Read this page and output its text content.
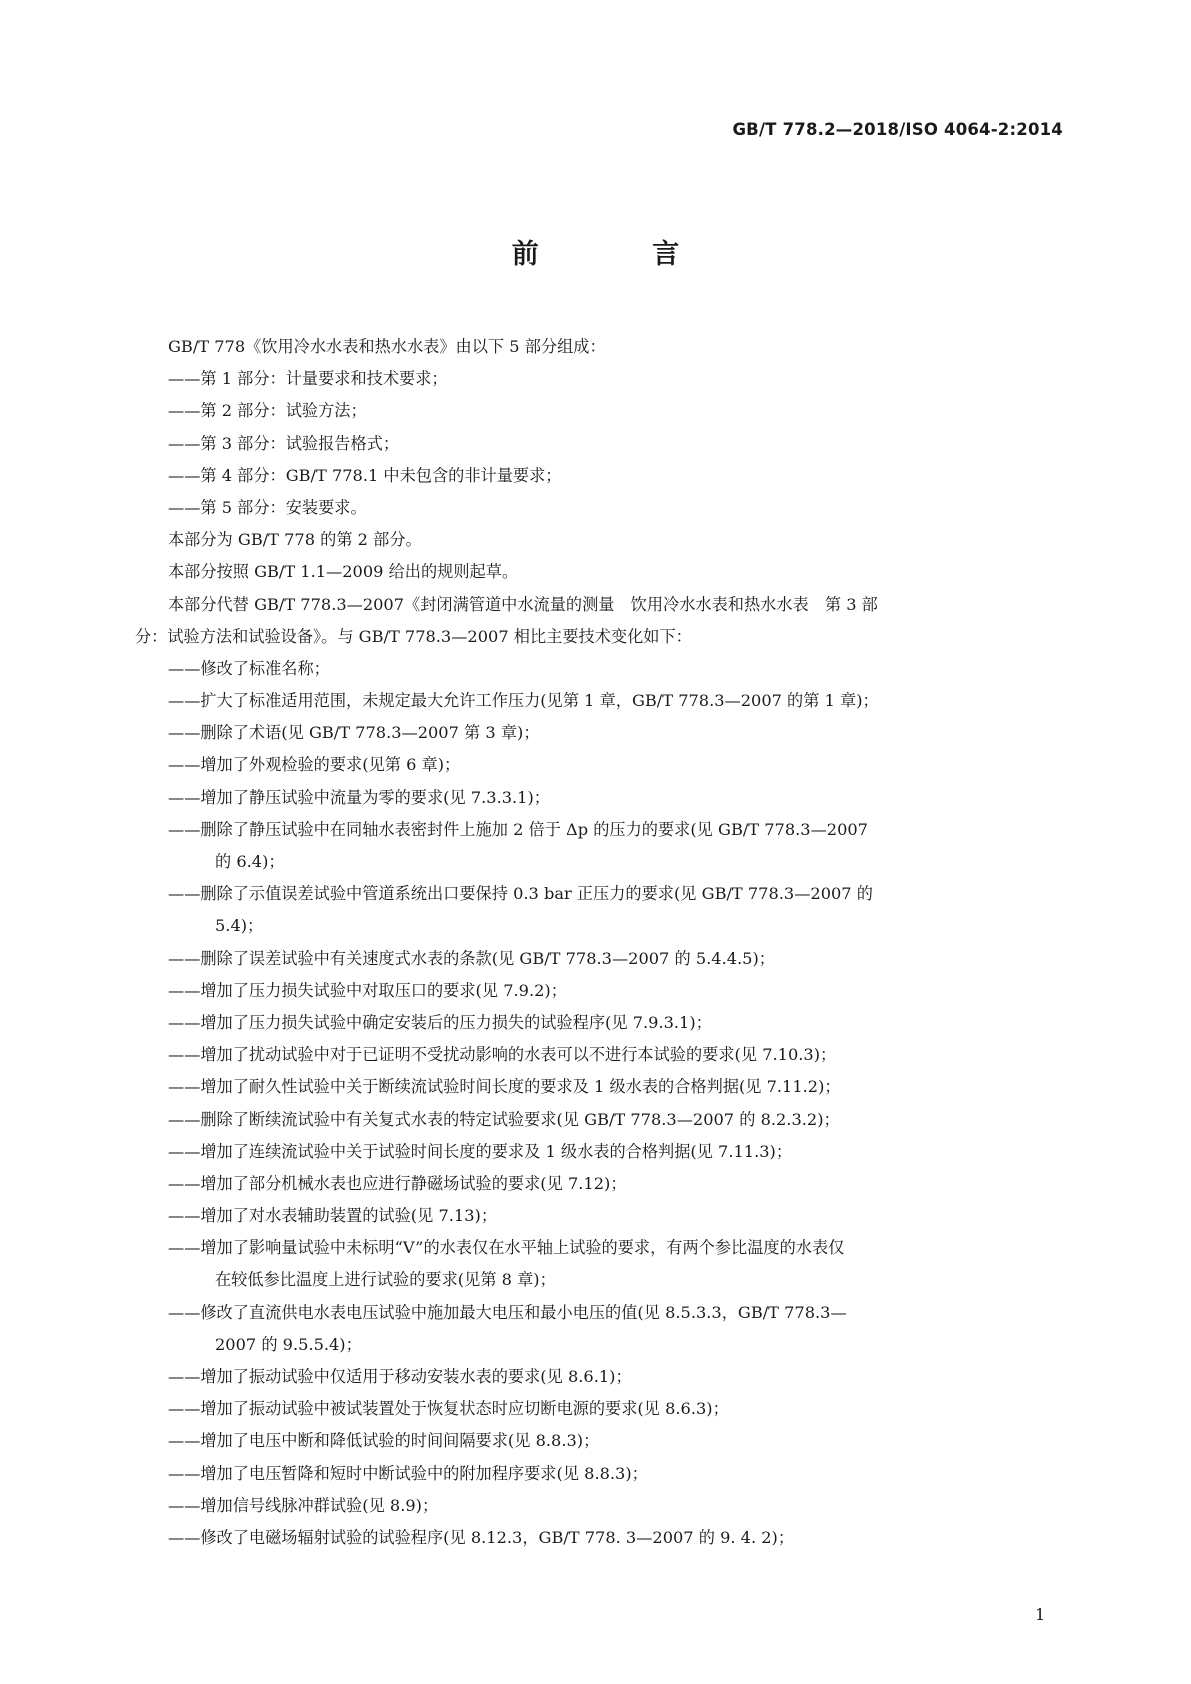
GB/T 778.2—2018/ISO 4064-2:2014
前 言
GB/T 778《饮用冷水水表和热水水表》由以下 5 部分组成：
——第 1 部分：计量要求和技术要求；
——第 2 部分：试验方法；
——第 3 部分：试验报告格式；
——第 4 部分：GB/T 778.1 中未包含的非计量要求；
——第 5 部分：安装要求。
本部分为 GB/T 778 的第 2 部分。
本部分按照 GB/T 1.1—2009 给出的规则起草。
本部分代替 GB/T 778.3—2007《封闭满管道中水流量的测量　饮用冷水水表和热水水表　第 3 部
分：试验方法和试验设备》。与 GB/T 778.3—2007 相比主要技术变化如下：
——修改了标准名称；
——扩大了标准适用范围，未规定最大允许工作压力(见第 1 章，GB/T 778.3—2007 的第 1 章)；
——删除了术语(见 GB/T 778.3—2007 第 3 章)；
——增加了外观检验的要求(见第 6 章)；
——增加了静压试验中流量为零的要求(见 7.3.3.1)；
——删除了静压试验中在同轴水表密封件上施加 2 倍于 Δp 的压力的要求(见 GB/T 778.3—2007
的 6.4)；
——删除了示值误差试验中管道系统出口要保持 0.3 bar 正压力的要求(见 GB/T 778.3—2007 的
5.4)；
——删除了误差试验中有关速度式水表的条款(见 GB/T 778.3—2007 的 5.4.4.5)；
——增加了压力损失试验中对取压口的要求(见 7.9.2)；
——增加了压力损失试验中确定安装后的压力损失的试验程序(见 7.9.3.1)；
——增加了扰动试验中对于已证明不受扰动影响的水表可以不进行本试验的要求(见 7.10.3)；
——增加了耐久性试验中关于断续流试验时间长度的要求及 1 级水表的合格判据(见 7.11.2)；
——删除了断续流试验中有关复式水表的特定试验要求(见 GB/T 778.3—2007 的 8.2.3.2)；
——增加了连续流试验中关于试验时间长度的要求及 1 级水表的合格判据(见 7.11.3)；
——增加了部分机械水表也应进行静磁场试验的要求(见 7.12)；
——增加了对水表辅助装置的试验(见 7.13)；
——增加了影响量试验中未标明“V”的水表仅在水平轴上试验的要求，有两个参比温度的水表仅
在较低参比温度上进行试验的要求(见第 8 章)；
——修改了直流供电水表电压试验中施加最大电压和最小电压的值(见 8.5.3.3，GB/T 778.3—
2007 的 9.5.5.4)；
——增加了振动试验中仅适用于移动安装水表的要求(见 8.6.1)；
——增加了振动试验中被试装置处于恢复状态时应切断电源的要求(见 8.6.3)；
——增加了电压中断和降低试验的时间间隔要求(见 8.8.3)；
——增加了电压暂降和短时中断试验中的附加程序要求(见 8.8.3)；
——增加信号线脉冲群试验(见 8.9)；
——修改了电磁场辐射试验的试验程序(见 8.12.3，GB/T 778. 3—2007 的 9. 4. 2)；
1
